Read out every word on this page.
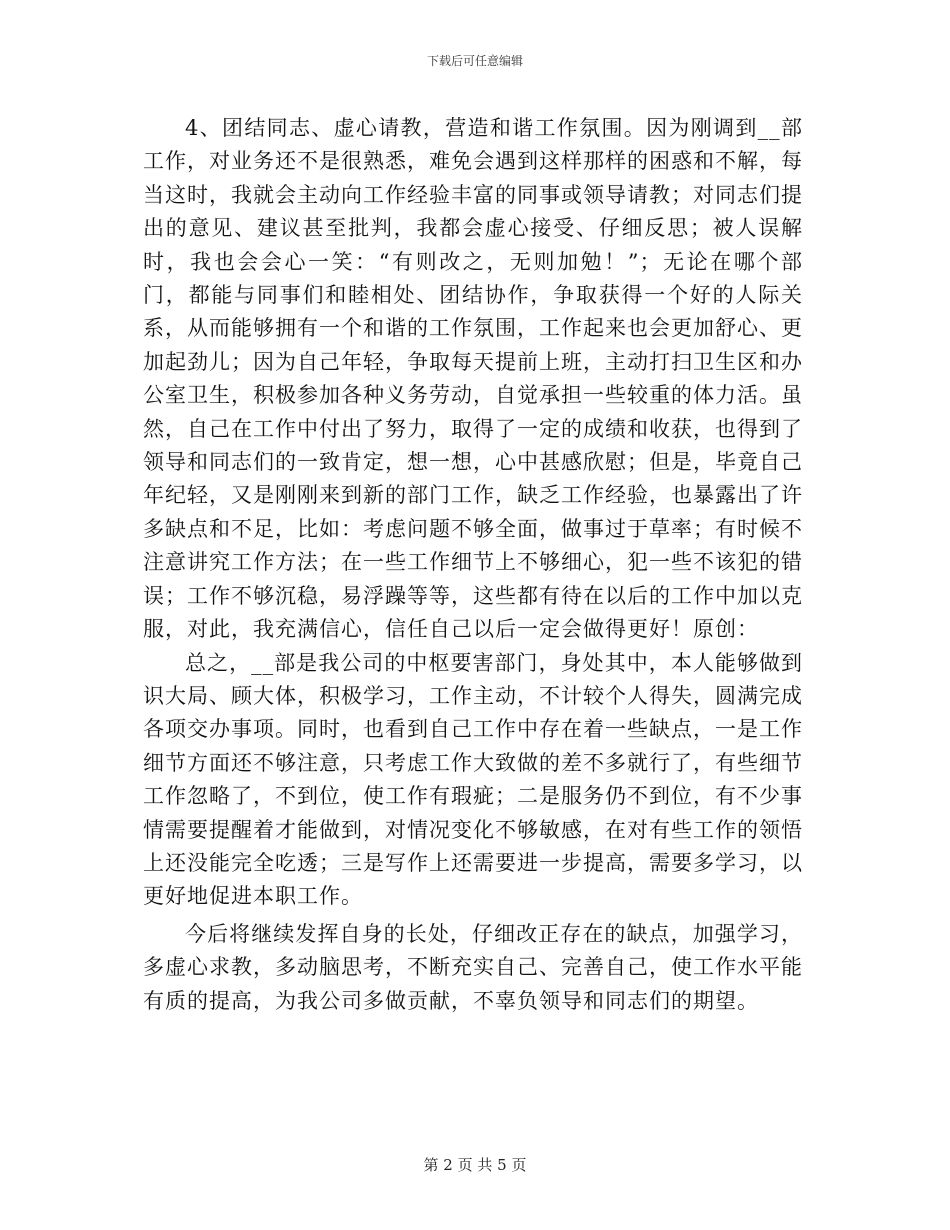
下载后可任意编辑

4、团结同志、虚心请教，营造和谐工作氛围。因为刚调到__部工作，对业务还不是很熟悉，难免会遇到这样那样的困惑和不解，每当这时，我就会主动向工作经验丰富的同事或领导请教；对同志们提出的意见、建议甚至批判，我都会虚心接受、仔细反思；被人误解时，我也会会心一笑：“有则改之，无则加勉！”；无论在哪个部门，都能与同事们和睦相处、团结协作，争取获得一个好的人际关系，从而能够拥有一个和谐的工作氛围，工作起来也会更加舒心、更加起劲儿；因为自己年轻，争取每天提前上班，主动打扫卫生区和办公室卫生，积极参加各种义务劳动，自觉承担一些较重的体力活。虽然，自己在工作中付出了努力，取得了一定的成绩和收获，也得到了领导和同志们的一致肯定，想一想，心中甚感欣慰；但是，毕竟自己年纪轻，又是刚刚来到新的部门工作，缺乏工作经验，也暴露出了许多缺点和不足，比如：考虑问题不够全面，做事过于草率；有时候不注意讲究工作方法；在一些工作细节上不够细心，犯一些不该犯的错误；工作不够沉稳，易浮躁等等，这些都有待在以后的工作中加以克服，对此，我充满信心，信任自己以后一定会做得更好！原创：

总之，__部是我公司的中枢要害部门，身处其中，本人能够做到识大局、顾大体，积极学习，工作主动，不计较个人得失，圆满完成各项交办事项。同时，也看到自己工作中存在着一些缺点，一是工作细节方面还不够注意，只考虑工作大致做的差不多就行了，有些细节工作忽略了，不到位，使工作有瑕疵；二是服务仍不到位，有不少事情需要提醒着才能做到，对情况变化不够敏感，在对有些工作的领悟上还没能完全吃透；三是写作上还需要进一步提高，需要多学习，以更好地促进本职工作。

今后将继续发挥自身的长处，仔细改正存在的缺点，加强学习，多虚心求教，多动脑思考，不断充实自己、完善自己，使工作水平能有质的提高，为我公司多做贡献，不辜负领导和同志们的期望。

第 2 页 共 5 页
